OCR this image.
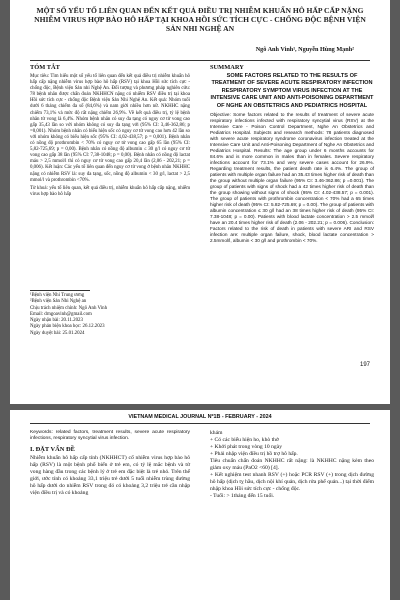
MỘT SỐ YẾU TỐ LIÊN QUAN ĐẾN KẾT QUẢ ĐIỀU TRỊ NHIỄM KHUẨN HÔ HẤP CẤP NẶNG NHIỄM VIRUS HỢP BÀO HÔ HẤP TẠI KHOA HỒI SỨC TÍCH CỰC - CHỐNG ĐỘC BỆNH VIỆN SẢN NHI NGHỆ AN
Ngô Anh Vinh¹, Nguyễn Hùng Mạnh²
TÓM TẮT
Mục tiêu: Tìm hiểu một số yếu tố liên quan đến kết quả điều trị nhiễm khuẩn hô hấp cấp nặng nhiễm virus hợp bào hô hấp (RSV) tại khoa Hồi sức tích cực - chống độc, Bệnh viện Sản nhi Nghệ An. Đối tượng và phương pháp nghiên cứu: 78 bệnh nhân được chẩn đoán NKHHCN nặng có nhiễm RSV điều trị tại khoa Hồi sức tích cực - chống độc Bệnh viện Sản Nhi Nghệ An. Kết quả: Nhóm tuổi dưới 6 tháng chiếm đa số (84,6%) và nam giới nhiều hơn nữ. NKHHC nặng chiếm 73,1% và mức độ rất nặng chiếm 26,9%. Về kết quả điều trị, tỷ lệ bệnh nhân tử vong là 6,4%. Nhóm bệnh nhân có suy đa tạng có nguy cơ tử vong cao gấp 35,43 lần so với nhóm không có suy đa tạng với (95% CI: 3,46-362,86; p =0,001). Nhóm bệnh nhân có biểu hiện sốc có nguy cơ tử vong cao hơn 42 lần so với nhóm không có biểu hiện sốc (95% CI: 4,02-438,57; p = 0,001). Bệnh nhân có nồng độ prothrombin < 70% có nguy cơ tử vong cao gấp 65 lần (95% CI: 5,82-725,69; p = 0,00). Bệnh nhân có nồng độ albumin ≤ 30 g/l có nguy cơ tử vong cao gấp 38 lần (95% CI: 7,38-1048; p = 0,00). Bệnh nhân có nồng độ lactat máu > 2,5 mmol/l thì có nguy cơ tử vong cao gấp 20,4 lần (2,06 - 202,21; p = 0,006). Kết luận: Các yếu tố liên quan đến nguy cơ tử vong ở bệnh nhân NKHHC nặng có nhiễm RSV là: suy đa tạng, sốc, nồng độ albumin < 30 g/l, lactat > 2,5 mmol/l và prothrombin <70%.
Từ khoá: yếu tố liên quan, kết quả điều trị, nhiễm khuẩn hô hấp cấp nặng, nhiễm virus hợp bào hô hấp
¹Bệnh viện Nhi Trung ương
²Bệnh viện Sản Nhi Nghệ an
Chịu trách nhiệm chính: Ngô Anh Vinh
Email: drngoavinh@gmail.com
Ngày nhận bài: 20.11.2023
Ngày phản biện khoa học: 26.12.2023
Ngày duyệt bài: 25.01.2024
SUMMARY
SOME FACTORS RELATED TO THE RESULTS OF TREATMENT OF SEVERE ACUTE RESPIRATORY INFECTION RESPIRATORY SYMPTOM VIRUS INFECTION AT THE INTENSIVE CARE UNIT AND ANTI-POISONING DEPARTMENT OF NGHE AN OBSTETRICS AND PEDIATRICS HOSPITAL
Objective: Some factors related to the results of treatment of severe acute respiratory infections infected with respiratory syncytial virus (RSV) at the Intensive Care - Poison Control Department, Nghe An Obstetrics and Pediatrics Hospital. Subjects and research methods: 78 patients diagnosed with severe acute respiratory syndrome coronavirus infection treated at the Intensive Care Unit and Anti-Poisoning Department of Nghe An Obstetrics and Pediatrics Hospital. Results: The age group under 6 months accounts for 84.6% and is more common in males than in females. Severe respiratory infections account for 73.1% and very severe cases account for 26.9%. Regarding treatment results, the patient death rate is 6.4%. The group of patients with multiple organ failure had an 35.43 times higher risk of death than the group without multiple organ failure (95% CI: 3.46-362.86; p =0.001). The group of patients with signs of shock had a 42 times higher risk of death than the group showing without signs of shock (95% CI: 4.02-438.57; p = 0.001). The group of patients with prothrombin concentration < 70% had a 65 times higher risk of death (95% CI: 5.82-725.69; p = 0.00). The group of patients with albumin concentration ≤ 30 g/l had an 38 times higher risk of death (95% CI: 7.38-1048; p = 0.00). Patients with blood lactate concentration > 2.5 mmol/l have an 20.4 times higher risk of death (2.06 - 202.21; p = 0.006). Conclusion: Factors related to the risk of death in patients with severe ARI and RSV infection are: multiple organ failure, shock, blood lactate concentration > 2.5mmol/l, albumin < 30 g/l and prothrombin < 70%.
197
VIETNAM MEDICAL JOURNAL Nº1B - FEBRUARY - 2024
Keywords: related factors, treatment results, severe acute respiratory infections, respiratory syncytial virus infection.
I. ĐẶT VẤN ĐỀ
Nhiễm khuẩn hô hấp cấp tính (NKHHCT) cố nhiễm virus hợp bào hô hấp (RSV) là một bệnh phổ biến ở trẻ em, có tỷ lệ mắc bệnh và tử vong hàng đầu trong các bệnh lý ở trẻ em đặc biệt là trẻ nhỏ. Trên thế giới, ước tính có khoảng 33,1 triệu trẻ dưới 5 tuổi nhiễm trùng đường hô hấp dưới do nhiễm RSV trong đó có khoảng 3,2 triệu trẻ cần nhập viện điều trị và có khoảng
khám
+ Có các biểu hiện ho, khò thở
+ Khởi phát trong vòng 10 ngày
+ Phải nhập viện điều trị hồ trợ hô hấp.
Tiêu chuẩn chẩn đoán NKHHC rất nặng: là NKHHC nặng kèm theo giảm oxy máu (PaO2 <60) [4].
+ Kết nghiệm test nhanh RSV (+) hoặc PCR RSV (+) trong dịch đường hô hấp (dịch tỵ hầu, dịch nội khí quản, dịch rửa phế quản...) tại thời điểm nhập khoa Hồi sức tích cực - chống độc.
- Tuổi: > 1tháng đến 15 tuổi.
